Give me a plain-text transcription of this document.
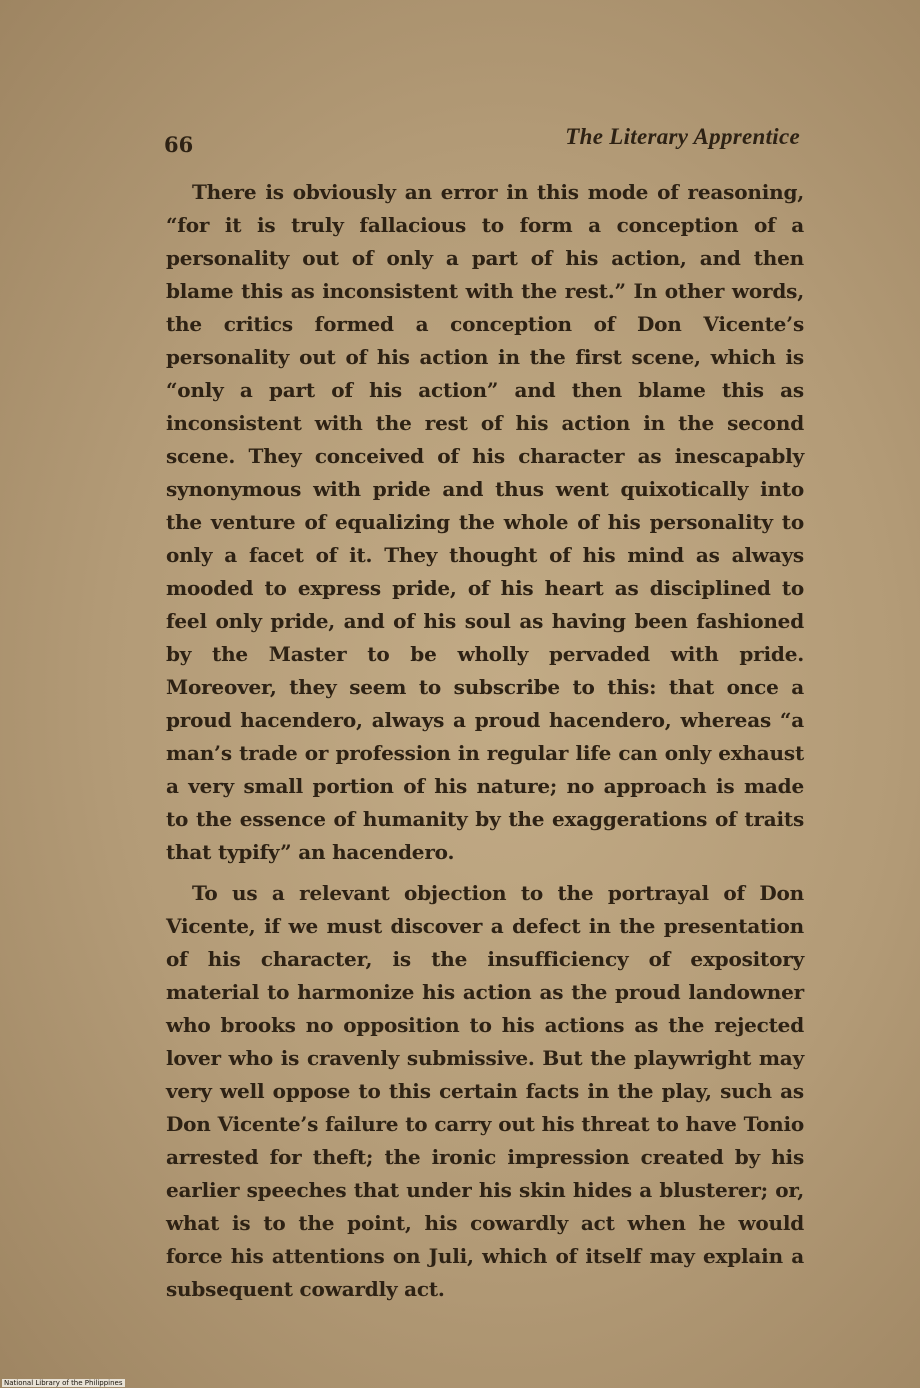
66	The Literary Apprentice

There is obviously an error in this mode of reasoning, “for it is truly fallacious to form a conception of a personality out of only a part of his action, and then blame this as inconsistent with the rest.” In other words, the critics formed a conception of Don Vicente’s personality out of his action in the first scene, which is “only a part of his action” and then blame this as inconsistent with the rest of his action in the second scene. They conceived of his character as inescapably synonymous with pride and thus went quixotically into the venture of equalizing the whole of his personality to only a facet of it. They thought of his mind as always mooded to express pride, of his heart as disciplined to feel only pride, and of his soul as having been fashioned by the Master to be wholly pervaded with pride. Moreover, they seem to subscribe to this: that once a proud hacendero, always a proud hacendero, whereas “a man’s trade or profession in regular life can only exhaust a very small portion of his nature; no approach is made to the essence of humanity by the exaggerations of traits that typify” an hacendero.

To us a relevant objection to the portrayal of Don Vicente, if we must discover a defect in the presentation of his character, is the insufficiency of expository material to harmonize his action as the proud landowner who brooks no opposition to his actions as the rejected lover who is cravenly submissive. But the playwright may very well oppose to this certain facts in the play, such as Don Vicente’s failure to carry out his threat to have Tonio arrested for theft; the ironic impression created by his earlier speeches that under his skin hides a blusterer; or, what is to the point, his cowardly act when he would force his attentions on Juli, which of itself may explain a subsequent cowardly act.

National Library of the Philippines
